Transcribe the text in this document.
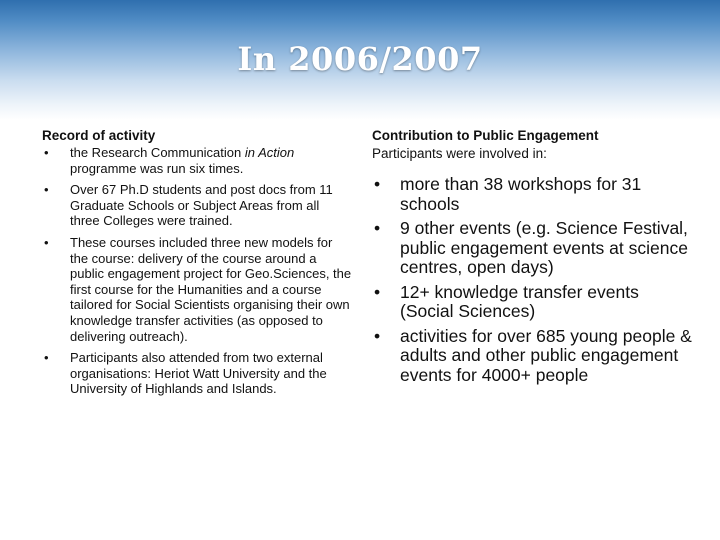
In 2006/2007
Record of activity
• the Research Communication in Action programme was run six times.
• Over 67 Ph.D students and post docs from 11 Graduate Schools or Subject Areas from all three Colleges were trained.
• These courses included three new models for the course: delivery of the course around a public engagement project for Geo.Sciences, the first course for the Humanities and a course tailored for Social Scientists organising their own knowledge transfer activities (as opposed to delivering outreach).
• Participants also attended from two external organisations: Heriot Watt University and the University of Highlands and Islands.
Contribution to Public Engagement
Participants were involved in:
• more than 38 workshops for 31 schools
• 9 other events (e.g. Science Festival, public engagement events at science centres, open days)
• 12+ knowledge transfer events (Social Sciences)
• activities for over 685 young people & adults and other public engagement events for 4000+ people
